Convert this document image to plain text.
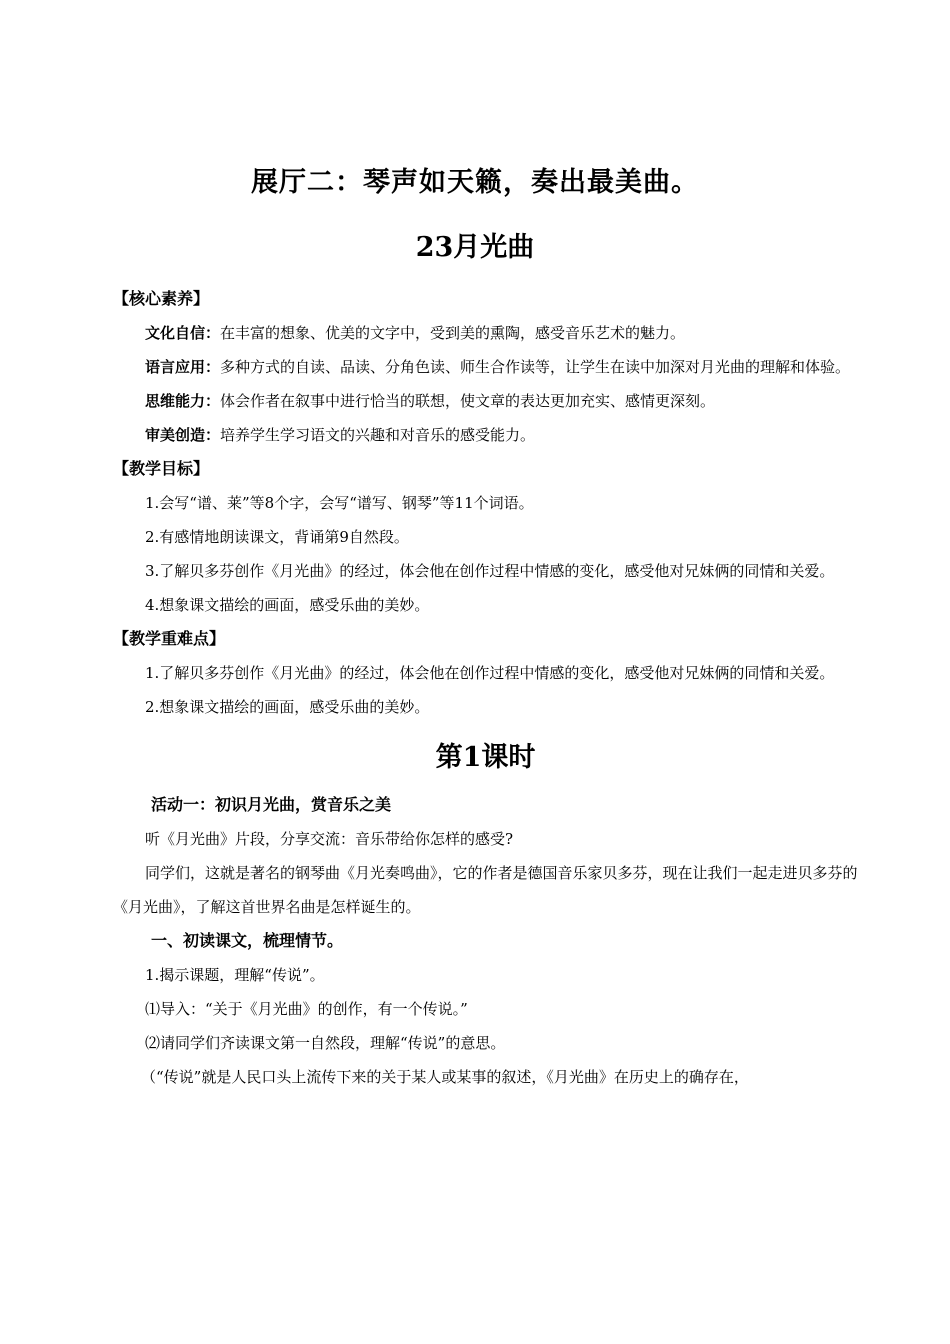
展厅二：琴声如天籁，奏出最美曲。
23月光曲
【核心素养】

文化自信：在丰富的想象、优美的文字中，受到美的熏陶，感受音乐艺术的魅力。

语言应用：多种方式的自读、品读、分角色读、师生合作读等，让学生在读中加深对月光曲的理解和体验。

思维能力：体会作者在叙事中进行恰当的联想，使文章的表达更加充实、感情更深刻。

审美创造：培养学生学习语文的兴趣和对音乐的感受能力。

【教学目标】

1.会写“谱、莱”等8个字，会写“谱写、钢琴”等11个词语。

2.有感情地朗读课文，背诵第9自然段。

3.了解贝多芬创作《月光曲》的经过，体会他在创作过程中情感的变化，感受他对兄妹俩的同情和关爱。

4.想象课文描绘的画面，感受乐曲的美妙。

【教学重难点】

1.了解贝多芬创作《月光曲》的经过，体会他在创作过程中情感的变化，感受他对兄妹俩的同情和关爱。

2.想象课文描绘的画面，感受乐曲的美妙。

第1课时

活动一：初识月光曲，赏音乐之美

听《月光曲》片段，分享交流：音乐带给你怎样的感受?

同学们，这就是著名的钢琴曲《月光奏鸣曲》，它的作者是德国音乐家贝多芬，现在让我们一起走进贝多芬的《月光曲》，了解这首世界名曲是怎样诞生的。

一、初读课文，梳理情节。

1.揭示课题，理解“传说”。

⑴导入：“关于《月光曲》的创作，有一个传说。”

⑵请同学们齐读课文第一自然段，理解“传说”的意思。

（“传说”就是人民口头上流传下来的关于某人或某事的叙述，《月光曲》在历史上的确存在，
